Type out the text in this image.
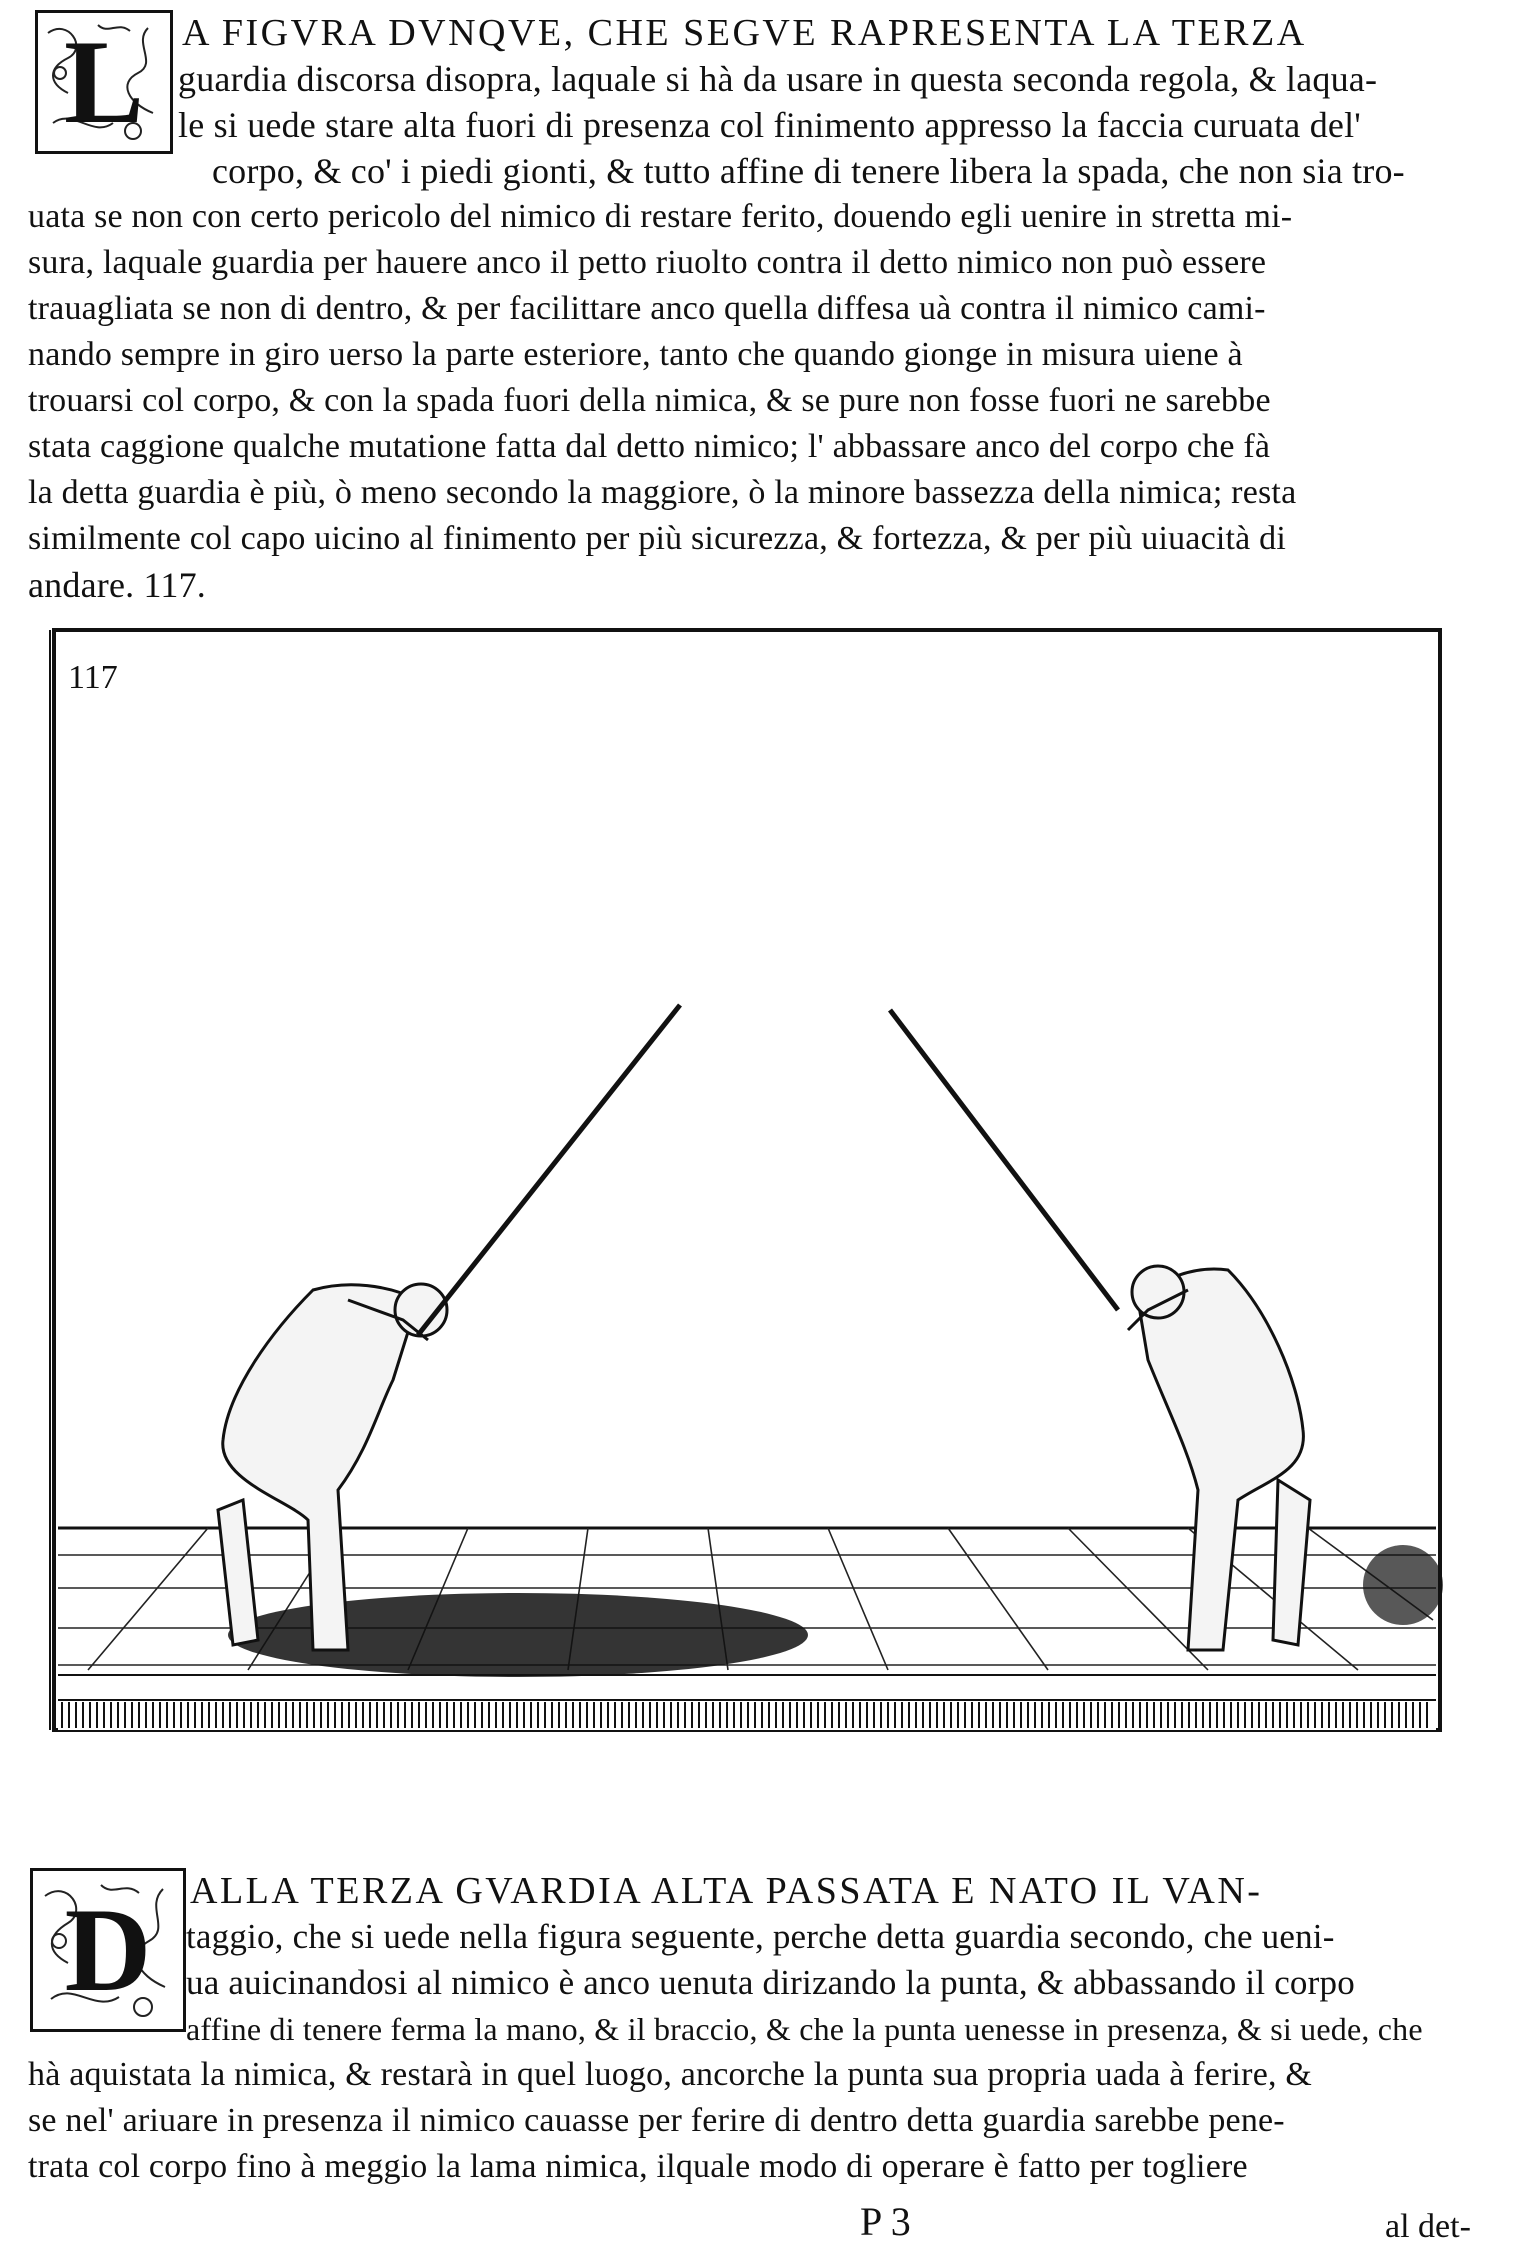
L A FIGVRA DVNQVE, CHE SEGVE RAPRESENTA LA TERZA
guardia discorsa disopra, laquale si hà da usare in questa seconda regola, & laqua-
le si uede stare alta fuori di presenza col finimento appresso la faccia curuata del'
corpo, & co' i piedi gionti, & tutto affine di tenere libera la spada, che non sia tro-
uata se non con certo pericolo del nimico di restare ferito, douendo egli uenire in stretta mi-
sura, laquale guardia per hauere anco il petto riuolto contra il detto nimico non può essere
trauagliata se non di dentro, & per facilittare anco quella diffesa uà contra il nimico cami-
nando sempre in giro uerso la parte esteriore, tanto che quando gionge in misura uiene à
trouarsi col corpo, & con la spada fuori della nimica, & se pure non fosse fuori ne sarebbe
stata caggione qualche mutatione fatta dal detto nimico; l' abbassare anco del corpo che fà
la detta guardia è più, ò meno secondo la maggiore, ò la minore bassezza della nimica; resta
similmente col capo uicino al finimento per più sicurezza, & fortezza, & per più uiuacità di
andare. 117.
117
D ALLA TERZA GVARDIA ALTA PASSATA E NATO IL VAN-
taggio, che si uede nella figura seguente, perche detta guardia secondo, che ueni-
ua auicinandosi al nimico è anco uenuta dirizando la punta, & abbassando il corpo
affine di tenere ferma la mano, & il braccio, & che la punta uenesse in presenza, & si uede, che
hà aquistata la nimica, & restarà in quel luogo, ancorche la punta sua propria uada à ferire, &
se nel' ariuare in presenza il nimico cauasse per ferire di dentro detta guardia sarebbe pene-
trata col corpo fino à meggio la lama nimica, ilquale modo di operare è fatto per togliere
P 3	al det-
